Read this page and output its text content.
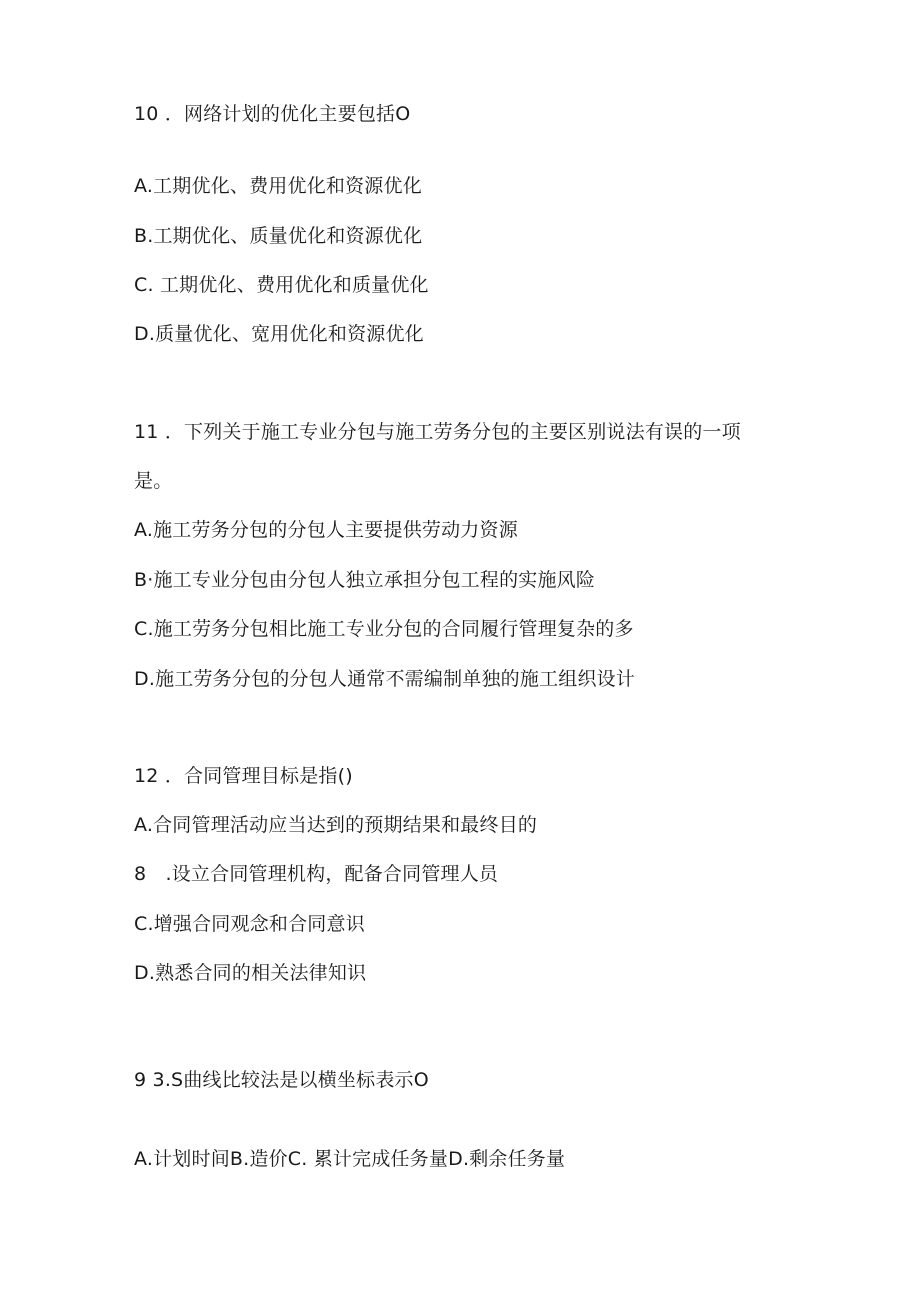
10 ．网络计划的优化主要包括O
A.工期优化、费用优化和资源优化
B.工期优化、质量优化和资源优化
C. 工期优化、费用优化和质量优化
D.质量优化、宽用优化和资源优化
11 ．下列关于施工专业分包与施工劳务分包的主要区别说法有误的一项
是。
A.施工劳务分包的分包人主要提供劳动力资源
B·施工专业分包由分包人独立承担分包工程的实施风险
C.施工劳务分包相比施工专业分包的合同履行管理复杂的多
D.施工劳务分包的分包人通常不需编制单独的施工组织设计
12 ．合同管理目标是指()
A.合同管理活动应当达到的预期结果和最终目的
8　.设立合同管理机构，配备合同管理人员
C.增强合同观念和合同意识
D.熟悉合同的相关法律知识
9 3.S曲线比较法是以横坐标表示O
A.计划时间B.造价C. 累计完成任务量D.剩余任务量
